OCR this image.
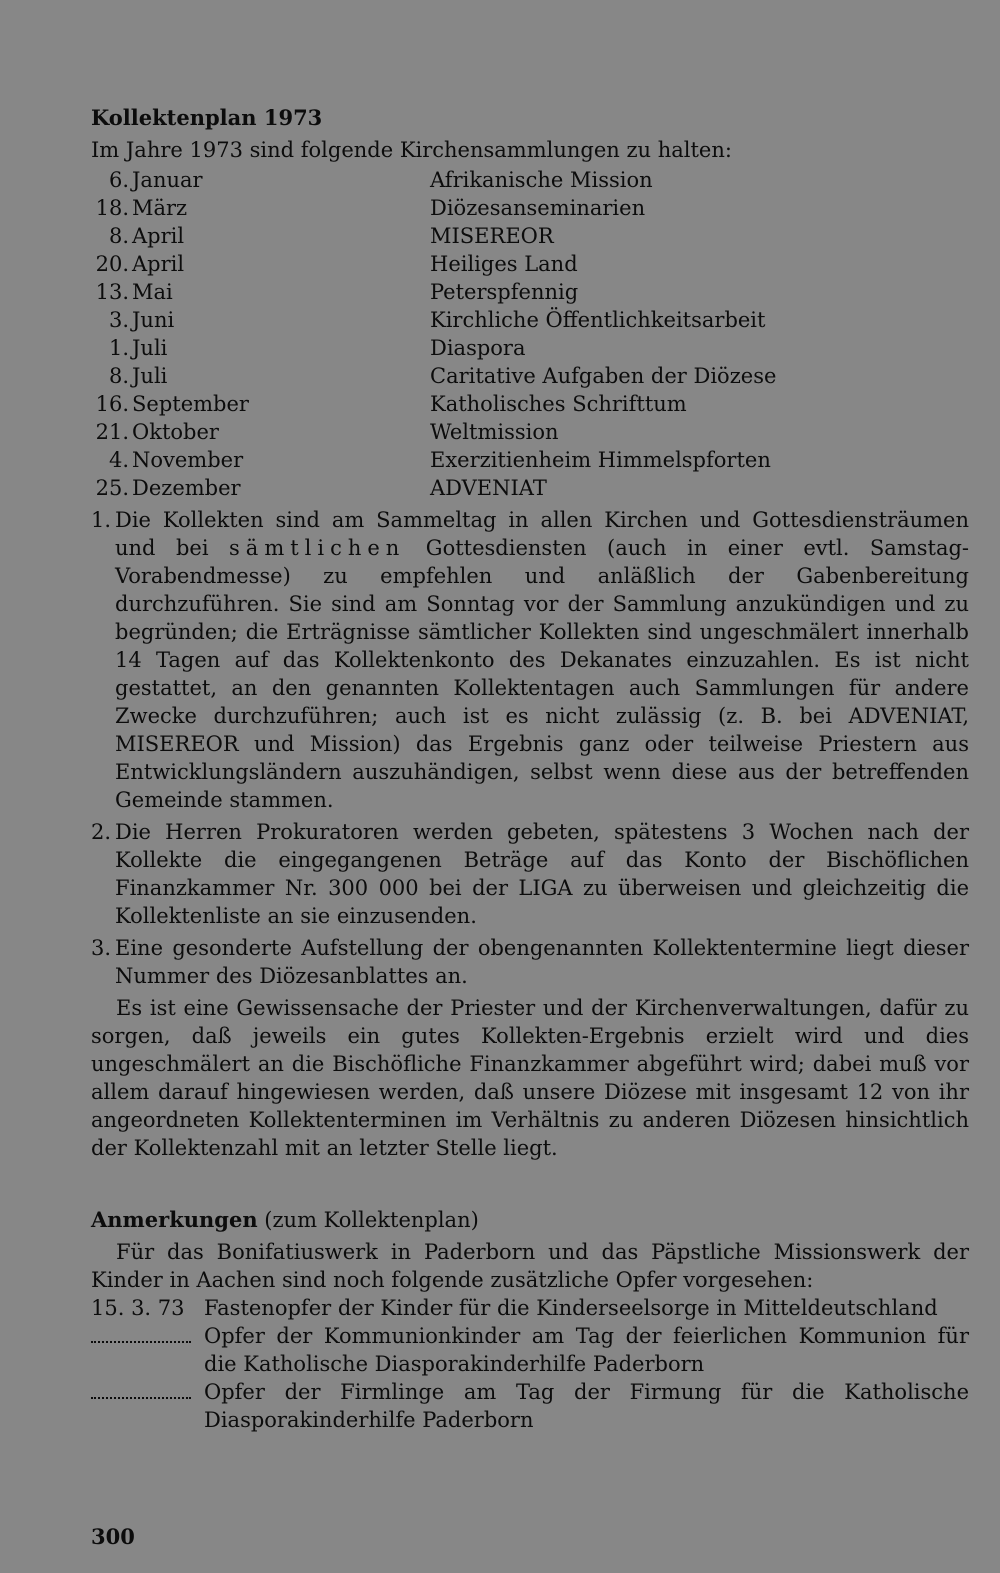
Kollektenplan 1973
Im Jahre 1973 sind folgende Kirchensammlungen zu halten:
6. Januar	Afrikanische Mission
18. März	Diözesanseminarien
8. April	MISEREOR
20. April	Heiliges Land
13. Mai	Peterspfennig
3. Juni	Kirchliche Öffentlichkeitsarbeit
1. Juli	Diaspora
8. Juli	Caritative Aufgaben der Diözese
16. September	Katholisches Schrifttum
21. Oktober	Weltmission
4. November	Exerzitienheim Himmelspforten
25. Dezember	ADVENIAT
1. Die Kollekten sind am Sammeltag in allen Kirchen und Gottesdiensträumen und bei sämtlichen Gottesdiensten (auch in einer evtl. Samstag-Vorabendmesse) zu empfehlen und anläßlich der Gabenbereitung durchzuführen. Sie sind am Sonntag vor der Sammlung anzukündigen und zu begründen; die Erträgnisse sämtlicher Kollekten sind ungeschmälert innerhalb 14 Tagen auf das Kollektenkonto des Dekanates einzuzahlen. Es ist nicht gestattet, an den genannten Kollektentagen auch Sammlungen für andere Zwecke durchzuführen; auch ist es nicht zulässig (z. B. bei ADVENIAT, MISEREOR und Mission) das Ergebnis ganz oder teilweise Priestern aus Entwicklungsländern auszuhändigen, selbst wenn diese aus der betreffenden Gemeinde stammen.
2. Die Herren Prokuratoren werden gebeten, spätestens 3 Wochen nach der Kollekte die eingegangenen Beträge auf das Konto der Bischöflichen Finanzkammer Nr. 300 000 bei der LIGA zu überweisen und gleichzeitig die Kollektenliste an sie einzusenden.
3. Eine gesonderte Aufstellung der obengenannten Kollektentermine liegt dieser Nummer des Diözesanblattes an.
Es ist eine Gewissensache der Priester und der Kirchenverwaltungen, dafür zu sorgen, daß jeweils ein gutes Kollekten-Ergebnis erzielt wird und dies ungeschmälert an die Bischöfliche Finanzkammer abgeführt wird; dabei muß vor allem darauf hingewiesen werden, daß unsere Diözese mit insgesamt 12 von ihr angeordneten Kollektenterminen im Verhältnis zu anderen Diözesen hinsichtlich der Kollektenzahl mit an letzter Stelle liegt.
Anmerkungen (zum Kollektenplan)
Für das Bonifatiuswerk in Paderborn und das Päpstliche Missionswerk der Kinder in Aachen sind noch folgende zusätzliche Opfer vorgesehen:
15. 3. 73 Fastenopfer der Kinder für die Kinderseelsorge in Mitteldeutschland
Opfer der Kommunionkinder am Tag der feierlichen Kommunion für die Katholische Diasporakinderhilfe Paderborn
Opfer der Firmlinge am Tag der Firmung für die Katholische Diasporakinderhilfe Paderborn
300
